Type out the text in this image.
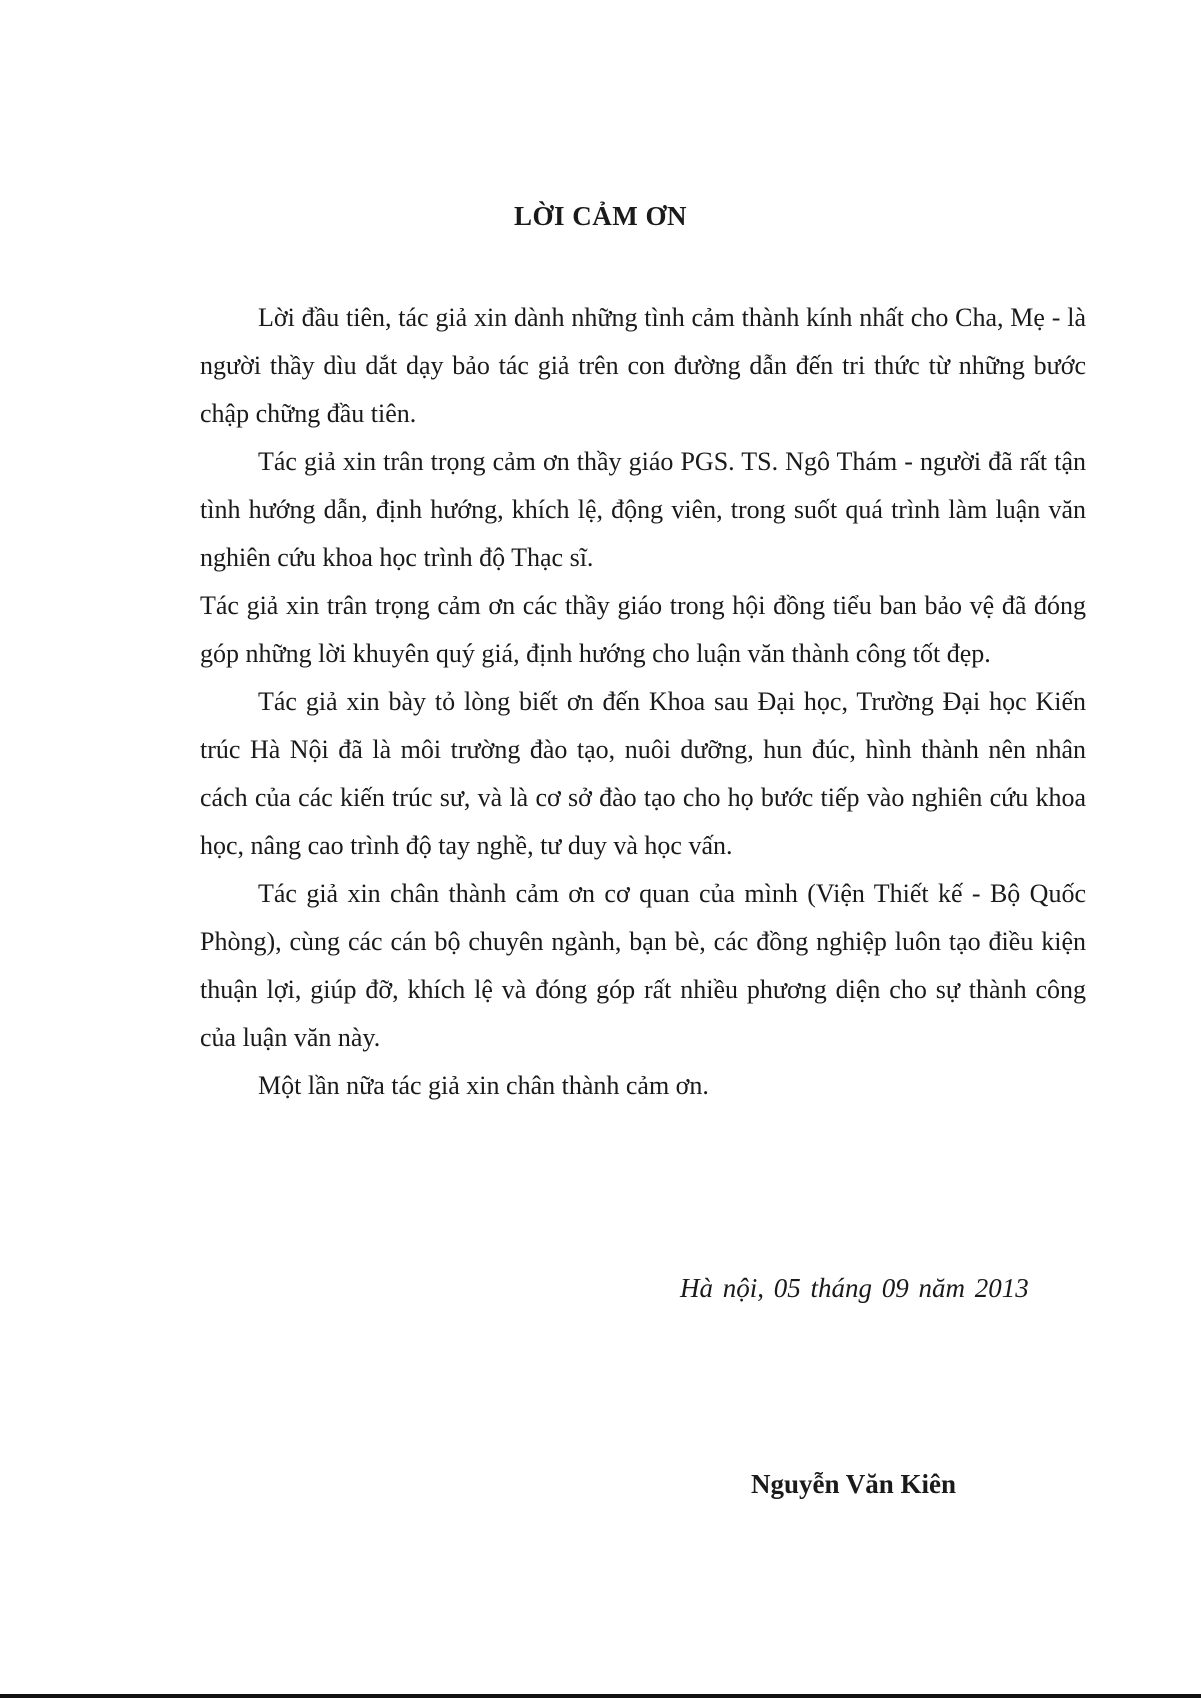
LỜI CẢM ƠN

Lời đầu tiên, tác giả xin dành những tình cảm thành kính nhất cho Cha, Mẹ - là người thầy dìu dắt dạy bảo tác giả trên con đường dẫn đến tri thức từ những bước chập chững đầu tiên.

Tác giả xin trân trọng cảm ơn thầy giáo PGS. TS. Ngô Thám - người đã rất tận tình hướng dẫn, định hướng, khích lệ, động viên, trong suốt quá trình làm luận văn nghiên cứu khoa học trình độ Thạc sĩ.

Tác giả xin trân trọng cảm ơn các thầy giáo trong hội đồng tiểu ban bảo vệ đã đóng góp những lời khuyên quý giá, định hướng cho luận văn thành công tốt đẹp.

Tác giả xin bày tỏ lòng biết ơn đến Khoa sau Đại học, Trường Đại học Kiến trúc Hà Nội đã là môi trường đào tạo, nuôi dưỡng, hun đúc, hình thành nên nhân cách của các kiến trúc sư, và là cơ sở đào tạo cho họ bước tiếp vào nghiên cứu khoa học, nâng cao trình độ tay nghề, tư duy và học vấn.

Tác giả xin chân thành cảm ơn cơ quan của mình (Viện Thiết kế - Bộ Quốc Phòng), cùng các cán bộ chuyên ngành, bạn bè, các đồng nghiệp luôn tạo điều kiện thuận lợi, giúp đỡ, khích lệ và đóng góp rất nhiều phương diện cho sự thành công của luận văn này.

Một lần nữa tác giả xin chân thành cảm ơn.

Hà nội, 05 tháng 09 năm 2013
Nguyễn Văn Kiên
